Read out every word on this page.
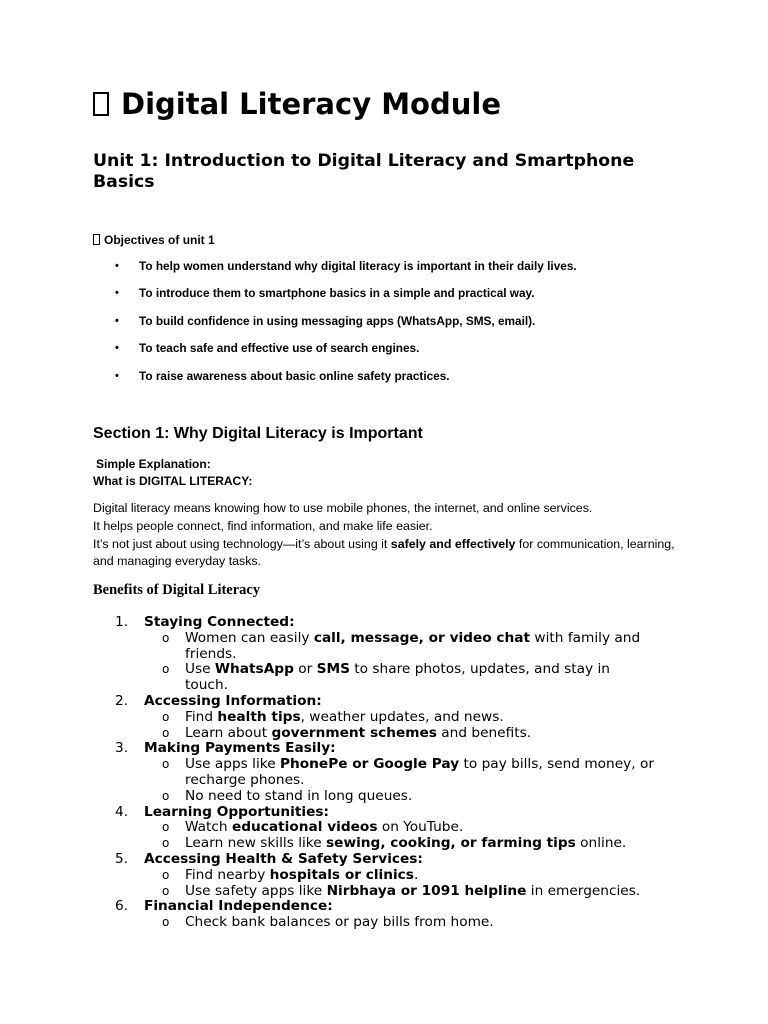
Digital Literacy Module
Unit 1: Introduction to Digital Literacy and Smartphone Basics
Objectives of unit 1
• To help women understand why digital literacy is important in their daily lives.
• To introduce them to smartphone basics in a simple and practical way.
• To build confidence in using messaging apps (WhatsApp, SMS, email).
• To teach safe and effective use of search engines.
• To raise awareness about basic online safety practices.
Section 1: Why Digital Literacy is Important
Simple Explanation:
What is DIGITAL LITERACY:
Digital literacy means knowing how to use mobile phones, the internet, and online services.
It helps people connect, find information, and make life easier.
It’s not just about using technology—it’s about using it safely and effectively for communication, learning, and managing everyday tasks.
Benefits of Digital Literacy
1. Staying Connected:
o Women can easily call, message, or video chat with family and
friends.
o Use WhatsApp or SMS to share photos, updates, and stay in
touch.
2. Accessing Information:
o Find health tips, weather updates, and news.
o Learn about government schemes and benefits.
3. Making Payments Easily:
o Use apps like PhonePe or Google Pay to pay bills, send money, or
recharge phones.
o No need to stand in long queues.
4. Learning Opportunities:
o Watch educational videos on YouTube.
o Learn new skills like sewing, cooking, or farming tips online.
5. Accessing Health & Safety Services:
o Find nearby hospitals or clinics.
o Use safety apps like Nirbhaya or 1091 helpline in emergencies.
6. Financial Independence:
o Check bank balances or pay bills from home.
